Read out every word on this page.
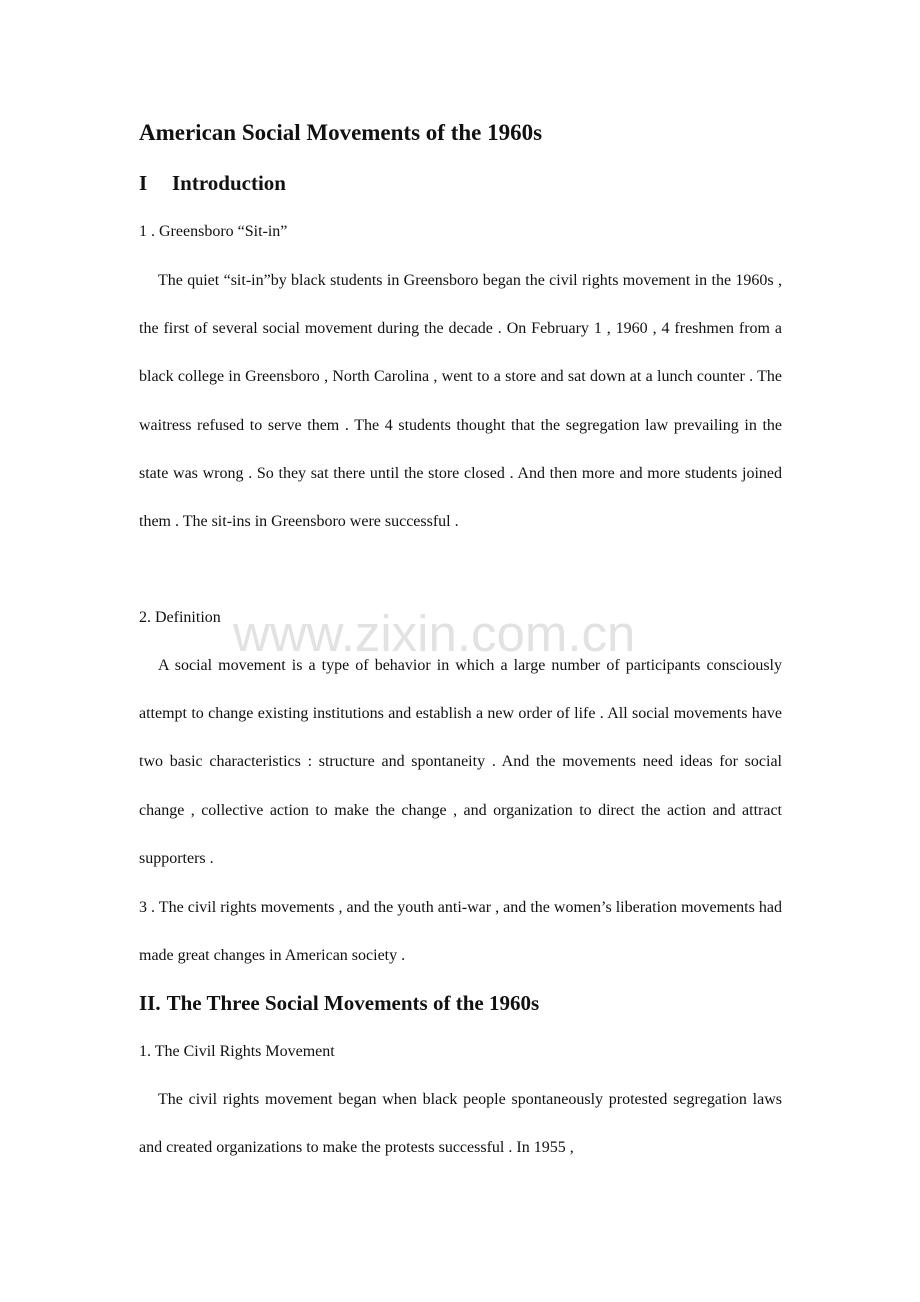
American Social Movements of the 1960s
I Introduction

1 . Greensboro “Sit-in”

The quiet “sit-in”by black students in Greensboro began the civil rights movement in the 1960s , the first of several social movement during the decade . On February 1 , 1960 , 4 freshmen from a black college in Greensboro , North Carolina , went to a store and sat down at a lunch counter . The waitress refused to serve them . The 4 students thought that the segregation law prevailing in the state was wrong . So they sat there until the store closed . And then more and more students joined them . The sit-ins in Greensboro were successful .

2. Definition

A social movement is a type of behavior in which a large number of participants consciously attempt to change existing institutions and establish a new order of life . All social movements have two basic characteristics : structure and spontaneity . And the movements need ideas for social change , collective action to make the change , and organization to direct the action and attract supporters .

3 . The civil rights movements , and the youth anti-war , and the women’s liberation movements had made great changes in American society .

II. The Three Social Movements of the 1960s

1. The Civil Rights Movement

The civil rights movement began when black people spontaneously protested segregation laws and created organizations to make the protests successful . In 1955 ,

www.zixin.com.cn
